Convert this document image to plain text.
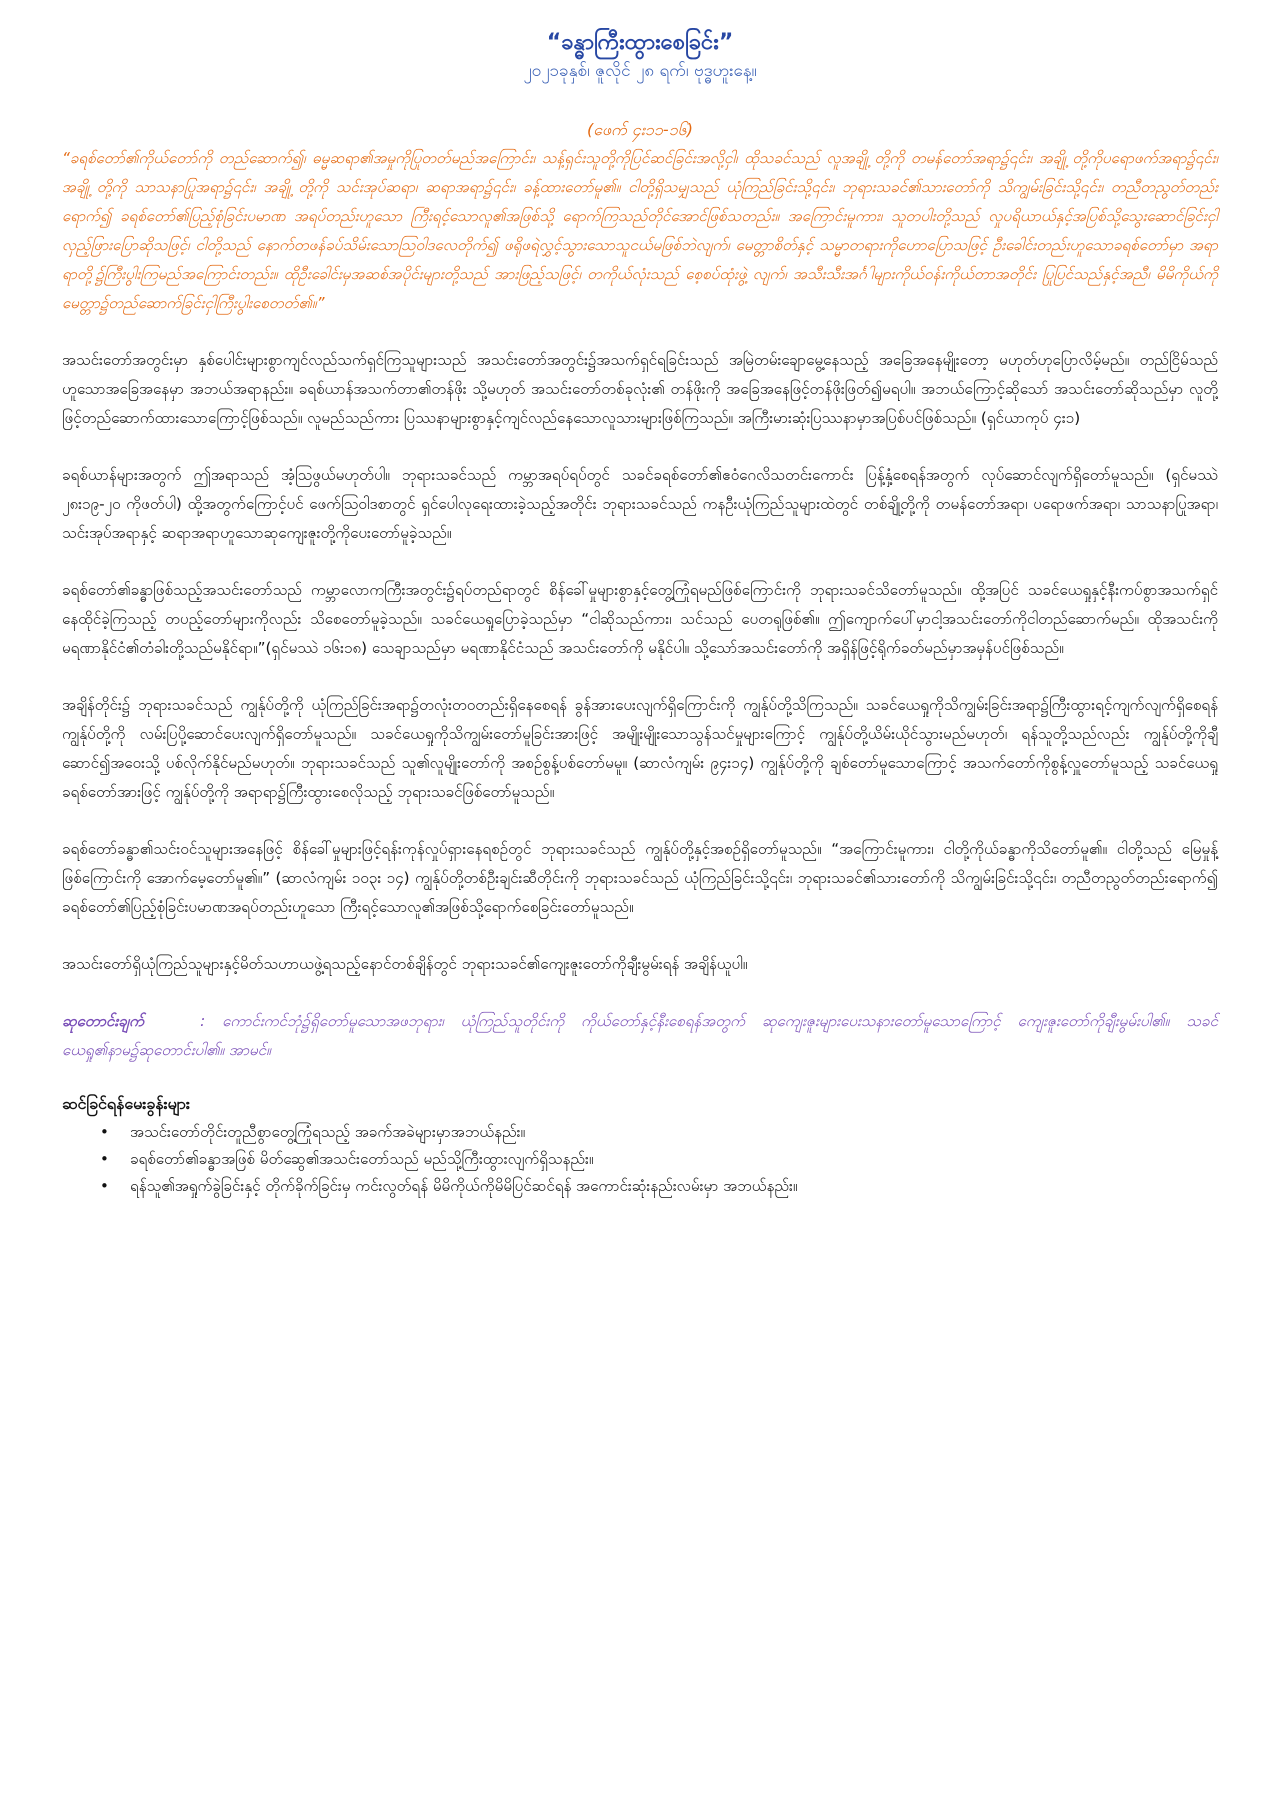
“ခန္ဓာကြီးထွားစေခြင်း”

၂၀၂၁ခုနှစ်၊ ဇူလိုင် ၂၈ ရက်၊ ဗုဒ္ဓဟူးနေ့။

(ဖေက် ၄း၁၁-၁၆)

“ခရစ်တော်၏ကိုယ်တော်ကို တည်ဆောက်၍၊ ဓမ္မဆရာ၏အမှုကိုပြုတတ်မည်အကြောင်း၊ သန့်ရှင်းသူတို့ကိုပြင်ဆင်ခြင်းအလို့ငှါ၊ ထိုသခင်သည် လူအချို့ တို့ကို တမန်တော်အရာ၌၎င်း၊ အချို့ တို့ကိုပရောဖက်အရာ၌၎င်း၊ အချို့ တို့ကို သာသနာပြုအရာ၌၎င်း၊ အချို့ တို့ကို သင်းအုပ်ဆရာ၊ ဆရာအရာ၌၎င်း၊ ခန့်ထားတော်မူ၏။ ငါတို့ရှိသမျှသည် ယုံကြည်ခြင်းသို့၎င်း၊ ဘုရားသခင်၏သားတော်ကို သိကျွမ်းခြင်းသို့၎င်း၊ တညီတညွတ်တည်းရောက်၍ ခရစ်တော်၏ပြည့်စုံခြင်းပမာဏ အရပ်တည်းဟူသော ကြီးရင့်သောလူ၏အဖြစ်သို့ ရောက်ကြသည်တိုင်အောင်ဖြစ်သတည်း။ အကြောင်းမူကား၊ သူတပါးတို့သည် လှုပရိယာယ်နှင့်အပြစ်သို့သွေးဆောင်ခြင်းငှါ လှည့်ဖြားပြောဆိုသဖြင့်၊ ငါတို့သည် နောက်တဖန်ခပ်သိမ်းသောဩဝါဒလေတိုက်၍ ဖရိုဖရဲလွှင့်သွားသောသူငယ်မဖြစ်ဘဲလျက်၊ မေတ္တာစိတ်နှင့် သမ္မာတရားကိုဟောပြောသဖြင့် ဦးခေါင်းတည်းဟူသောခရစ်တော်မှာ အရာရာတို့၌ကြီးပွါးကြမည်အကြောင်းတည်း။ ထိုဦးခေါင်းမှအဆစ်အပိုင်းများတို့သည် အားဖြည့်သဖြင့်၊ တကိုယ်လုံးသည် စေ့စပ်ထုံးဖွဲ့ လျက်၊ အသီးသီးအင်္ဂါများကိုယ်ဝန်းကိုယ်တာအတိုင်း ပြုပြင်သည်နှင့်အညီ၊ မိမိကိုယ်ကိုမေတ္တာ၌တည်ဆောက်ခြင်းငှါကြီးပွါးစေတတ်၏။”

အသင်းတော်အတွင်းမှာ နှစ်ပေါင်းများစွာကျင်လည်သက်ရှင်ကြသူများသည် အသင်းတော်အတွင်း၌အသက်ရှင်ရခြင်းသည် အမြဲတမ်းချောမွေ့နေသည့် အခြေအနေမျိုးတော့ မဟုတ်ဟုပြောလိမ့်မည်။ တည်ငြိမ်သည်ဟူသောအခြေအနေမှာ အဘယ်အရာနည်း။ ခရစ်ယာန်အသက်တာ၏တန်ဖိုး သို့မဟုတ် အသင်းတော်တစ်ခုလုံး၏ တန်ဖိုးကို အခြေအနေဖြင့်တန်ဖိုးဖြတ်၍မရပါ။ အဘယ်ကြောင့်ဆိုသော် အသင်းတော်ဆိုသည်မှာ လူတို့ဖြင့်တည်ဆောက်ထားသောကြောင့်ဖြစ်သည်။ လူမည်သည်ကား ပြဿနာများစွာနှင့်ကျင်လည်နေသောလူသားများဖြစ်ကြသည်။ အကြီးမားဆုံးပြဿနာမှာအပြစ်ပင်ဖြစ်သည်။ (ရှင်ယာကုပ် ၄း၁)

ခရစ်ယာန်များအတွက် ဤအရာသည် အံ့သြဖွယ်မဟုတ်ပါ။ ဘုရားသခင်သည် ကမ္ဘာအရပ်ရပ်တွင် သခင်ခရစ်တော်၏ဧဝံဂေလိသတင်းကောင်း ပြန့်နှံ့စေရန်အတွက် လုပ်ဆောင်လျက်ရှိတော်မူသည်။ (ရှင်မဿဲ ၂၈း၁၉-၂၀ ကိုဖတ်ပါ) ထို့အတွက်ကြောင့်ပင် ဖေက်ဩဝါဒစာတွင် ရှင်ပေါလုရေးထားခဲ့သည့်အတိုင်း ဘုရားသခင်သည် ကနဦးယုံကြည်သူများထဲတွင် တစ်ချို့တို့ကို တမန်တော်အရာ၊ ပရောဖက်အရာ၊ သာသနာပြုအရာ၊ သင်းအုပ်အရာနှင့် ဆရာအရာဟူသောဆုကျေးဇူးတို့ကိုပေးတော်မူခဲ့သည်။

ခရစ်တော်၏ခန္ဓာဖြစ်သည့်အသင်းတော်သည် ကမ္ဘာလောကကြီးအတွင်း၌ရပ်တည်ရာတွင် စိန်ခေါ်မှုများစွာနှင့်တွေ့ကြုံရမည်ဖြစ်ကြောင်းကို ဘုရားသခင်သိတော်မူသည်။ ထို့အပြင် သခင်ယေရှုနှင့်နီးကပ်စွာအသက်ရှင်နေထိုင်ခဲ့ကြသည့် တပည့်တော်များကိုလည်း သိစေတော်မူခဲ့သည်။ သခင်ယေရှုပြောခဲ့သည်မှာ “ငါဆိုသည်ကား၊ သင်သည် ပေတရုဖြစ်၏။ ဤကျောက်ပေါ်မှာငါ့အသင်းတော်ကိုငါတည်ဆောက်မည်။ ထိုအသင်းကိုမရဏာနိုင်ငံ၏တံခါးတို့သည်မနိုင်ရာ။”(ရှင်မဿဲ ၁၆း၁၈) သေချာသည်မှာ မရဏာနိုင်ငံသည် အသင်းတော်ကို မနိုင်ပါ။ သို့သော်အသင်းတော်ကို အရှိန်ဖြင့်ရိုက်ခတ်မည်မှာအမှန်ပင်ဖြစ်သည်။

အချိန်တိုင်း၌ ဘုရားသခင်သည် ကျွန်ုပ်တို့ကို ယုံကြည်ခြင်းအရာ၌တလုံးတဝတည်းရှိနေစေရန် ခွန်အားပေးလျက်ရှိကြောင်းကို ကျွန်ုပ်တို့သိကြသည်။ သခင်ယေရှုကိုသိကျွမ်းခြင်းအရာ၌ကြီးထွားရင့်ကျက်လျက်ရှိစေရန် ကျွန်ုပ်တို့ကို လမ်းပြပို့ဆောင်ပေးလျက်ရှိတော်မူသည်။ သခင်ယေရှုကိုသိကျွမ်းတော်မူခြင်းအားဖြင့် အမျိုးမျိုးသောသွန်သင်မှုများကြောင့် ကျွန်ုပ်တို့ယိမ်းယိုင်သွားမည်မဟုတ်၊ ရန်သူတို့သည်လည်း ကျွန်ုပ်တို့ကိုချီဆောင်၍အဝေးသို့ ပစ်လိုက်နိုင်မည်မဟုတ်။ ဘုရားသခင်သည် သူ၏လူမျိုးတော်ကို အစဉ်စွန့်ပစ်တော်မမူ။ (ဆာလံကျမ်း ၉၄း၁၄) ကျွန်ုပ်တို့ကို ချစ်တော်မူသောကြောင့် အသက်တော်ကိုစွန့်လှူတော်မူသည့် သခင်ယေရှုခရစ်တော်အားဖြင့် ကျွန်ုပ်တို့ကို အရာရာ၌ကြီးထွားစေလိုသည့် ဘုရားသခင်ဖြစ်တော်မူသည်။

ခရစ်တော်ခန္ဓာ၏သင်းဝင်သူများအနေဖြင့် စိန်ခေါ်မှုများဖြင့်ရန်းကုန်လှုပ်ရှားနေရစဉ်တွင် ဘုရားသခင်သည် ကျွန်ုပ်တို့နှင့်အစဉ်ရှိတော်မူသည်။ “အကြောင်းမူကား၊ ငါတို့ကိုယ်ခန္ဓာကိုသိတော်မူ၏။ ငါတို့သည် မြေမှုန့်ဖြစ်ကြောင်းကို အောက်မေ့တော်မူ၏။” (ဆာလံကျမ်း ၁၀၃း ၁၄) ကျွန်ုပ်တို့တစ်ဦးချင်းဆီတိုင်းကို ဘုရားသခင်သည် ယုံကြည်ခြင်းသို့၎င်း၊ ဘုရားသခင်၏သားတော်ကို သိကျွမ်းခြင်းသို့၎င်း၊ တညီတညွတ်တည်းရောက်၍ ခရစ်တော်၏ပြည့်စုံခြင်းပမာဏအရပ်တည်းဟူသော ကြီးရင့်သောလူ၏အဖြစ်သို့ရောက်စေခြင်းတော်မူသည်။

အသင်းတော်ရှိယုံကြည်သူများနှင့်မိတ်သဟာယဖွဲ့ရသည့်နောင်တစ်ချိန်တွင် ဘုရားသခင်၏ကျေးဇူးတော်ကိုချီးမွမ်းရန် အချိန်ယူပါ။

ဆုတောင်းချက်	: ကောင်းကင်ဘုံ၌ရှိတော်မူသောအဖဘုရား၊ ယုံကြည်သူတိုင်းကို ကိုယ်တော်နှင့်နီးစေရန်အတွက် ဆုကျေးဇူးများပေးသနားတော်မူသောကြောင့် ကျေးဇူးတော်ကိုချီးမွမ်းပါ၏။ သခင်ယေရှု၏နာမ၌ဆုတောင်းပါ၏။ အာမင်။

ဆင်ခြင်ရန်မေးခွန်းများ
• အသင်းတော်တိုင်းတူညီစွာတွေ့ကြုံရသည့် အခက်အခဲများမှာအဘယ်နည်း။
• ခရစ်တော်၏ခန္ဓာအဖြစ် မိတ်ဆွေ၏အသင်းတော်သည် မည်သို့ကြီးထွားလျက်ရှိသနည်း။
• ရန်သူ၏အရှုက်ခွဲခြင်းနှင့် တိုက်ခိုက်ခြင်းမှ ကင်းလွတ်ရန် မိမိကိုယ်ကိုမိမိပြင်ဆင်ရန် အကောင်းဆုံးနည်းလမ်းမှာ အဘယ်နည်း။
